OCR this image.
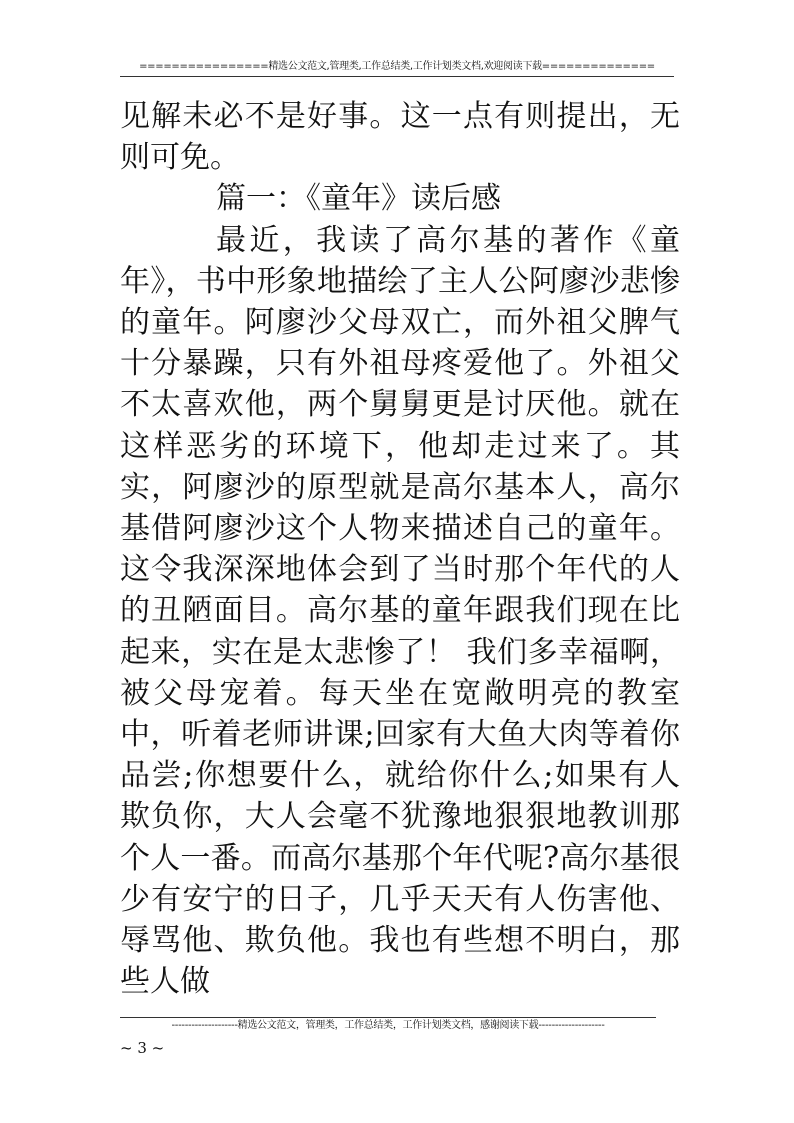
================精选公文范文,管理类,工作总结类,工作计划类文档,欢迎阅读下载==============

见解未必不是好事。这一点有则提出，无则可免。

篇一：《童年》读后感

最近，我读了高尔基的著作《童年》，书中形象地描绘了主人公阿廖沙悲惨的童年。阿廖沙父母双亡，而外祖父脾气十分暴躁，只有外祖母疼爱他了。外祖父不太喜欢他，两个舅舅更是讨厌他。就在这样恶劣的环境下，他却走过来了。其实，阿廖沙的原型就是高尔基本人，高尔基借阿廖沙这个人物来描述自己的童年。这令我深深地体会到了当时那个年代的人的丑陋面目。高尔基的童年跟我们现在比起来，实在是太悲惨了！ 我们多幸福啊，被父母宠着。每天坐在宽敞明亮的教室中，听着老师讲课;回家有大鱼大肉等着你品尝;你想要什么，就给你什么;如果有人欺负你，大人会毫不犹豫地狠狠地教训那个人一番。而高尔基那个年代呢?高尔基很少有安宁的日子，几乎天天有人伤害他、辱骂他、欺负他。我也有些想不明白，那些人做

--------------------精选公文范文，管理类，工作总结类，工作计划类文档，感谢阅读下载--------------------
~ 3 ~
